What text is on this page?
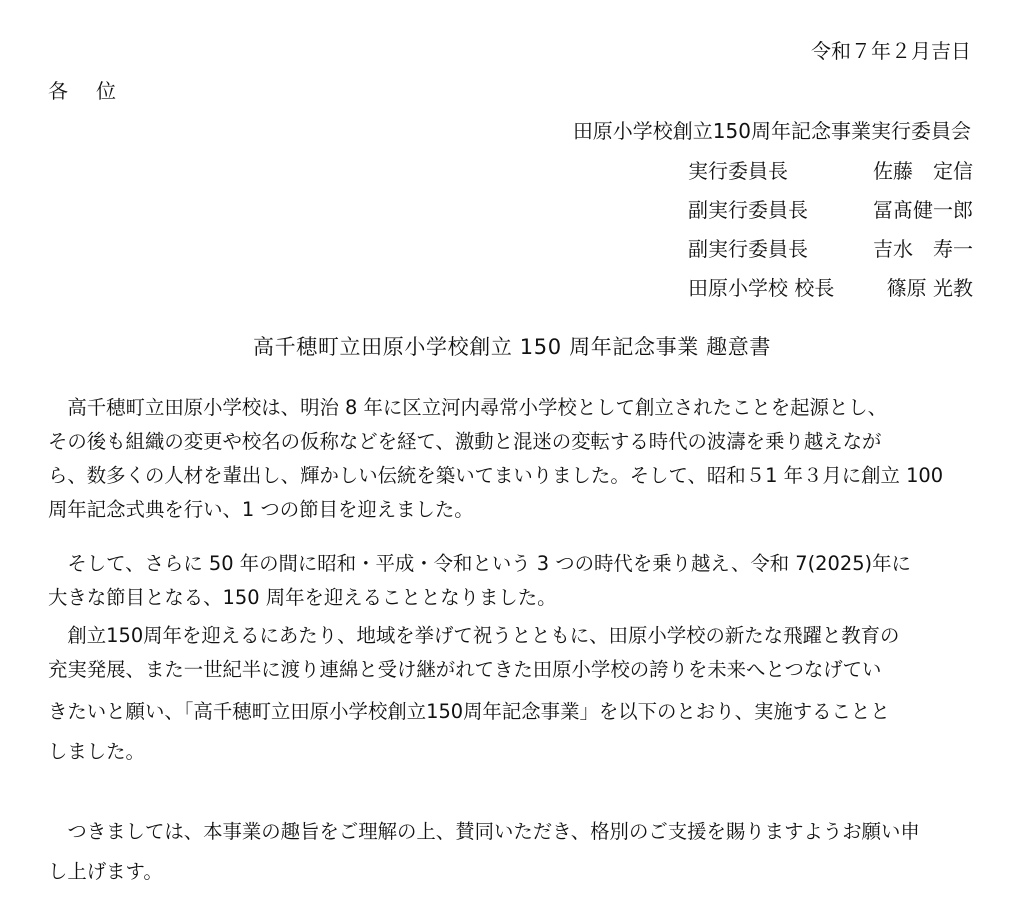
令和７年２月吉日
各　位
田原小学校創立150周年記念事業実行委員会
実行委員長	佐藤　定信
副実行委員長	冨髙健一郎
副実行委員長	吉水　寿一
田原小学校 校長	篠原 光教
高千穂町立田原小学校創立 150 周年記念事業 趣意書
　高千穂町立田原小学校は、明治 8 年に区立河内尋常小学校として創立されたことを起源とし、
その後も組織の変更や校名の仮称などを経て、激動と混迷の変転する時代の波濤を乗り越えなが
ら、数多くの人材を輩出し、輝かしい伝統を築いてまいりました。そして、昭和５1 年３月に創立 100
周年記念式典を行い、1 つの節目を迎えました。
　そして、さらに 50 年の間に昭和・平成・令和という 3 つの時代を乗り越え、令和 7(2025)年に
大きな節目となる、150 周年を迎えることとなりました。
　創立150周年を迎えるにあたり、地域を挙げて祝うとともに、田原小学校の新たな飛躍と教育の
充実発展、また一世紀半に渡り連綿と受け継がれてきた田原小学校の誇りを未来へとつなげてい
きたいと願い、「高千穂町立田原小学校創立150周年記念事業」を以下のとおり、実施することと
しました。
　つきましては、本事業の趣旨をご理解の上、賛同いただき、格別のご支援を賜りますようお願い申
し上げます。
